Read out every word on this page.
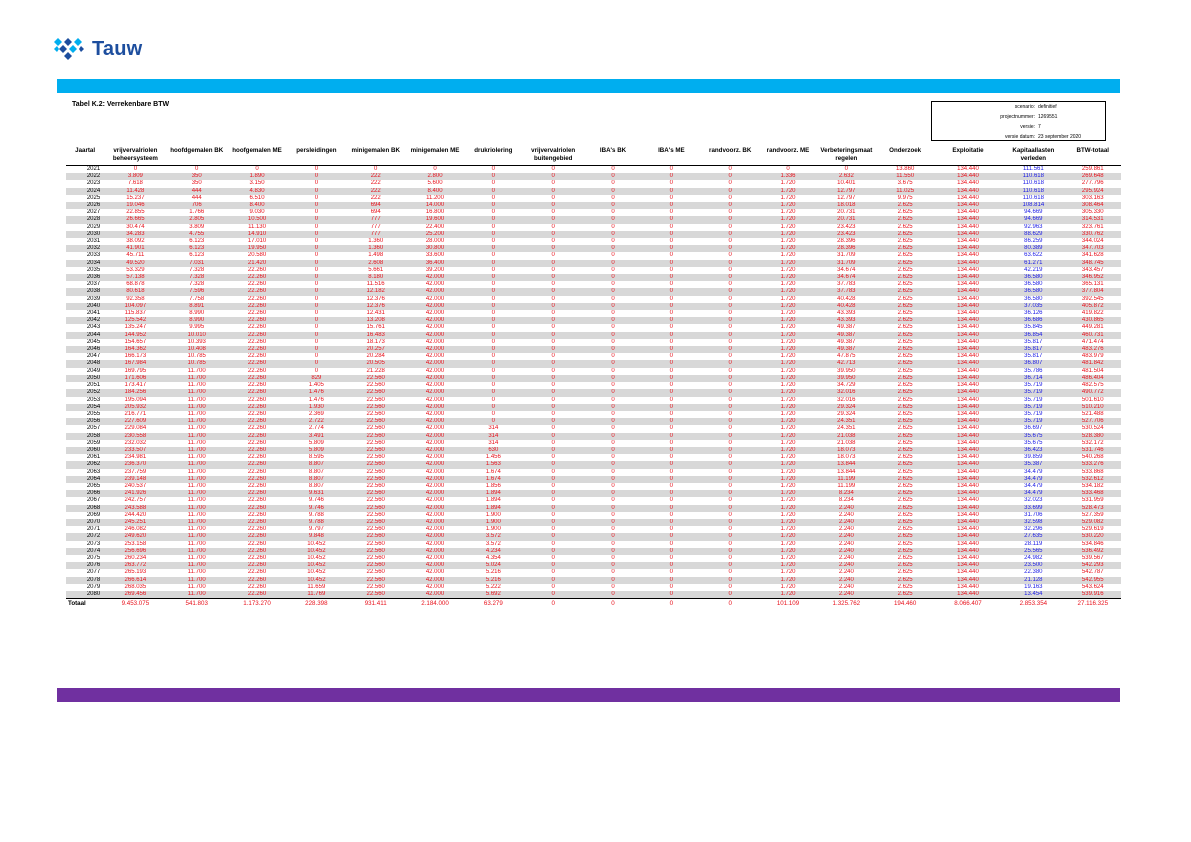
Tauw
Tabel K.2: Verrekenbare BTW	scenario: definitief
projectnummer: 1269551
versie: 7
versie datum: 23 september 2020
Jaartal	vrijvervalriolen beheersysteem	hoofdgemalen BK	hoofgemalen ME	persleidingen	minigemalen BK	minigemalen ME	drukriolering	vrijvervalriolen buitengebied	IBA's BK	IBA's ME	randvoorz. BK	randvoorz. ME	Verbeteringsmaat regelen	Onderzoek	Exploitatie	Kapitaallasten verleden	BTW-totaal
2021	0	0	0	0	0	0	0	0	0	0	0	0	0	13.860	134.440	111.561	259.861
2022	3.809	350	1.890	0	222	2.800	0	0	0	0	0	1.336	2.632	11.550	134.440	110.618	269.648
2023	7.618	350	3.150	0	222	5.600	0	0	0	0	0	1.720	10.401	3.675	134.440	110.618	277.796
2024	11.428	444	4.830	0	222	8.400	0	0	0	0	0	1.720	12.797	11.025	134.440	110.618	295.924
2025	15.237	444	6.510	0	222	11.200	0	0	0	0	0	1.720	12.797	9.975	134.440	110.618	303.163
2026	19.046	706	8.400	0	694	14.000	0	0	0	0	0	1.720	18.018	2.625	134.440	108.814	308.464
2027	22.855	1.766	9.030	0	694	16.800	0	0	0	0	0	1.720	20.731	2.625	134.440	94.669	305.330
2028	26.665	2.805	10.500	0	777	19.600	0	0	0	0	0	1.720	20.731	2.625	134.440	94.669	314.531
2029	30.474	3.809	11.130	0	777	22.400	0	0	0	0	0	1.720	23.423	2.625	134.440	92.963	323.761
2030	34.283	4.755	14.910	0	777	25.200	0	0	0	0	0	1.720	23.423	2.625	134.440	88.629	330.762
2031	38.092	6.123	17.010	0	1.360	28.000	0	0	0	0	0	1.720	28.396	2.625	134.440	86.259	344.024
2032	41.901	6.123	19.950	0	1.360	30.800	0	0	0	0	0	1.720	28.396	2.625	134.440	80.389	347.703
2033	45.711	6.123	20.580	0	1.498	33.600	0	0	0	0	0	1.720	31.709	2.625	134.440	63.622	341.628
2034	49.520	7.031	21.420	0	2.608	36.400	0	0	0	0	0	1.720	31.709	2.625	134.440	61.271	348.745
2035	53.329	7.328	22.260	0	5.661	39.200	0	0	0	0	0	1.720	34.674	2.625	134.440	42.219	343.457
2036	57.138	7.328	22.260	0	8.180	42.000	0	0	0	0	0	1.720	34.674	2.625	134.440	36.580	346.952
2037	68.878	7.328	22.260	0	11.516	42.000	0	0	0	0	0	1.720	37.783	2.625	134.440	36.580	365.131
2038	80.618	7.596	22.260	0	12.182	42.000	0	0	0	0	0	1.720	37.783	2.625	134.440	36.580	377.804
2039	92.358	7.758	22.260	0	12.376	42.000	0	0	0	0	0	1.720	40.428	2.625	134.440	36.580	392.545
2040	104.097	8.891	22.260	0	12.376	42.000	0	0	0	0	0	1.720	40.428	2.625	134.440	37.035	405.872
2041	115.837	8.990	22.260	0	12.431	42.000	0	0	0	0	0	1.720	43.393	2.625	134.440	36.126	419.822
2042	125.542	8.990	22.260	0	13.208	42.000	0	0	0	0	0	1.720	43.393	2.625	134.440	36.686	430.865
2043	135.247	9.995	22.260	0	15.761	42.000	0	0	0	0	0	1.720	49.387	2.625	134.440	35.845	449.281
2044	144.952	10.010	22.260	0	16.483	42.000	0	0	0	0	0	1.720	49.387	2.625	134.440	36.854	460.731
2045	154.657	10.393	22.260	0	18.173	42.000	0	0	0	0	0	1.720	49.387	2.625	134.440	35.817	471.474
2046	164.362	10.408	22.260	0	20.257	42.000	0	0	0	0	0	1.720	49.387	2.625	134.440	35.817	483.276
2047	166.173	10.785	22.260	0	20.284	42.000	0	0	0	0	0	1.720	47.875	2.625	134.440	35.817	483.979
2048	167.984	10.785	22.260	0	20.505	42.000	0	0	0	0	0	1.720	42.713	2.625	134.440	36.807	481.842
2049	169.795	11.700	22.260	0	21.228	42.000	0	0	0	0	0	1.720	39.950	2.625	134.440	35.786	481.504
2050	171.606	11.700	22.260	829	22.560	42.000	0	0	0	0	0	1.720	39.950	2.625	134.440	36.714	486.404
2051	173.417	11.700	22.260	1.405	22.560	42.000	0	0	0	0	0	1.720	34.729	2.625	134.440	35.719	482.575
2052	184.256	11.700	22.260	1.476	22.560	42.000	0	0	0	0	0	1.720	32.016	2.625	134.440	35.719	490.772
2053	195.094	11.700	22.260	1.476	22.560	42.000	0	0	0	0	0	1.720	32.016	2.625	134.440	35.719	501.610
2054	205.932	11.700	22.260	1.930	22.560	42.000	0	0	0	0	0	1.720	29.324	2.625	134.440	35.719	510.210
2055	216.771	11.700	22.260	2.369	22.560	42.000	0	0	0	0	0	1.720	29.324	2.625	134.440	35.719	521.488
2056	227.609	11.700	22.260	2.722	22.560	42.000	0	0	0	0	0	1.720	24.351	2.625	134.440	35.719	527.706
2057	229.084	11.700	22.260	2.774	22.560	42.000	314	0	0	0	0	1.720	24.351	2.625	134.440	36.697	530.524
2058	230.558	11.700	22.260	3.491	22.560	42.000	314	0	0	0	0	1.720	21.038	2.625	134.440	35.675	528.380
2059	232.032	11.700	22.260	5.809	22.560	42.000	314	0	0	0	0	1.720	21.038	2.625	134.440	35.675	532.172
2060	233.507	11.700	22.260	5.809	22.560	42.000	630	0	0	0	0	1.720	18.073	2.625	134.440	36.423	531.746
2061	234.981	11.700	22.260	8.595	22.560	42.000	1.456	0	0	0	0	1.720	18.073	2.625	134.440	39.859	540.268
2062	236.370	11.700	22.260	8.807	22.560	42.000	1.563	0	0	0	0	1.720	13.844	2.625	134.440	35.387	533.276
2063	237.759	11.700	22.260	8.807	22.560	42.000	1.674	0	0	0	0	1.720	13.844	2.625	134.440	34.479	533.868
2064	239.148	11.700	22.260	8.807	22.560	42.000	1.674	0	0	0	0	1.720	11.199	2.625	134.440	34.479	532.612
2065	240.537	11.700	22.260	8.807	22.560	42.000	1.856	0	0	0	0	1.720	11.199	2.625	134.440	34.479	534.182
2066	241.926	11.700	22.260	9.631	22.560	42.000	1.894	0	0	0	0	1.720	8.234	2.625	134.440	34.479	533.468
2067	242.757	11.700	22.260	9.746	22.560	42.000	1.894	0	0	0	0	1.720	8.234	2.625	134.440	32.023	531.959
2068	243.588	11.700	22.260	9.746	22.560	42.000	1.894	0	0	0	0	1.720	2.240	2.625	134.440	33.699	528.473
2069	244.420	11.700	22.260	9.788	22.560	42.000	1.900	0	0	0	0	1.720	2.240	2.625	134.440	31.706	527.359
2070	245.251	11.700	22.260	9.788	22.560	42.000	1.900	0	0	0	0	1.720	2.240	2.625	134.440	32.598	529.082
2071	246.082	11.700	22.260	9.797	22.560	42.000	1.900	0	0	0	0	1.720	2.240	2.625	134.440	32.296	529.619
2072	249.620	11.700	22.260	9.848	22.560	42.000	3.572	0	0	0	0	1.720	2.240	2.625	134.440	27.635	530.220
2073	253.158	11.700	22.260	10.452	22.560	42.000	3.572	0	0	0	0	1.720	2.240	2.625	134.440	28.119	534.846
2074	256.696	11.700	22.260	10.452	22.560	42.000	4.234	0	0	0	0	1.720	2.240	2.625	134.440	25.565	536.492
2075	260.234	11.700	22.260	10.452	22.560	42.000	4.354	0	0	0	0	1.720	2.240	2.625	134.440	24.982	539.567
2076	263.772	11.700	22.260	10.452	22.560	42.000	5.024	0	0	0	0	1.720	2.240	2.625	134.440	23.500	542.293
2077	265.193	11.700	22.260	10.452	22.560	42.000	5.216	0	0	0	0	1.720	2.240	2.625	134.440	22.380	542.787
2078	266.614	11.700	22.260	10.452	22.560	42.000	5.216	0	0	0	0	1.720	2.240	2.625	134.440	21.128	542.955
2079	268.035	11.700	22.260	11.659	22.560	42.000	5.222	0	0	0	0	1.720	2.240	2.625	134.440	19.163	543.624
2080	269.456	11.700	22.260	11.769	22.560	42.000	5.692	0	0	0	0	1.720	2.240	2.625	134.440	13.454	539.916
Totaal	9.453.075	541.803	1.173.270	228.398	931.411	2.184.000	63.279	0	0	0	0	101.109	1.325.762	194.460	8.066.407	2.853.354	27.116.325
